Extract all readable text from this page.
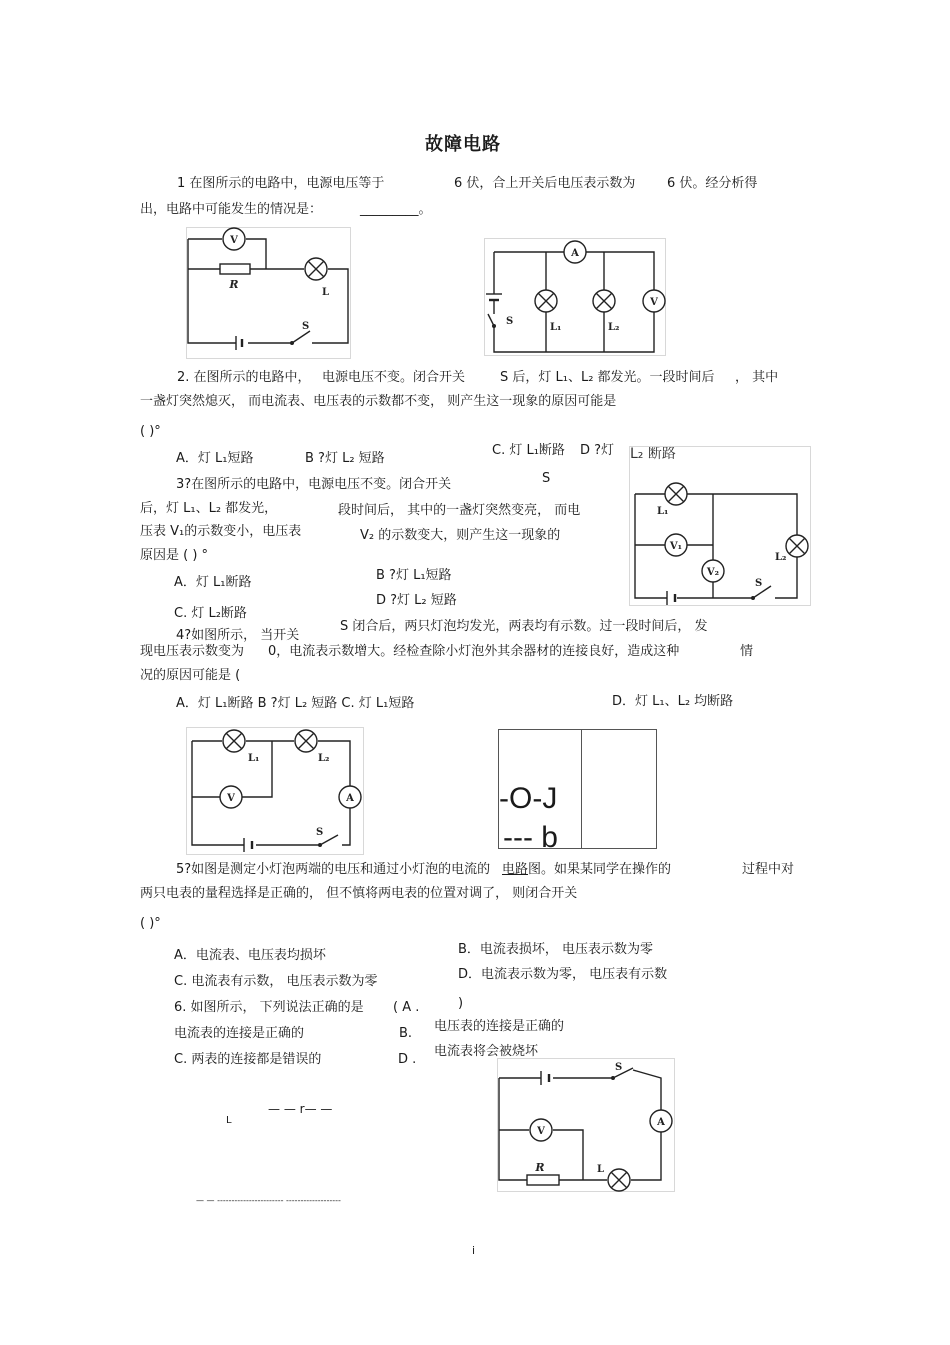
故障电路
1 在图所示的电路中，电源电压等于	6 伏，合上开关后电压表示数为 6 伏。经分析得
出，电路中可能发生的情况是：	_________。
V
R
L
S
A
L₁	L₂
V
S
2. 在图所示的电路中， 电源电压不变。闭合开关	S 后，灯 L₁、L₂ 都发光。一段时间后 ， 其中
一盏灯突然熄灭， 而电流表、电压表的示数都不变， 则产生这一现象的原因可能是
( )°
A．灯 L₁短路	B ?灯 L₂ 短路
C. 灯 L₁断路 D ?灯 L₂ 断路
S
3?在图所示的电路中，电源电压不变。闭合开关
后，灯 L₁、L₂ 都发光，	段时间后， 其中的一盏灯突然变亮， 而电
压表 V₁的示数变小，电压表	V₂ 的示数变大，则产生这一现象的
原因是 ( ) °
A．灯 L₁断路	B ?灯 L₁短路
C. 灯 L₂断路
D ?灯 L₂ 短路
L₁
V₁
V₂
L₂
S
4?如图所示， 当开关
S 闭合后，两只灯泡均发光，两表均有示数。过一段时间后， 发
现电压表示数变为 0，电流表示数增大。经检查除小灯泡外其余器材的连接良好，造成这种	情
况的原因可能是 (
A．灯 L₁断路 B ?灯 L₂ 短路 C. 灯 L₁短路	D．灯 L₁、L₂ 均断路
L₁	L₂
V	A
S
-O-J
--- b
5?如图是测定小灯泡两端的电压和通过小灯泡的电流的 电路 图。如果某同学在操作的	过程中对
两只电表的量程选择是正确的， 但不慎将两电表的位置对调了， 则闭合开关
( )°
A．电流表、电压表均损坏	B．电流表损坏， 电压表示数为零
C. 电流表有示数， 电压表示数为零	D．电流表示数为零， 电压表有示数
6. 如图所示， 下列说法正确的是 ( A .	)
电流表的连接是正确的	B. 电压表的连接是正确的
C. 两表的连接都是错误的	D .
电流表将会被烧坏
— — r— —
L
— — ----------------------- -------------------
S
A
V
R	L
i
